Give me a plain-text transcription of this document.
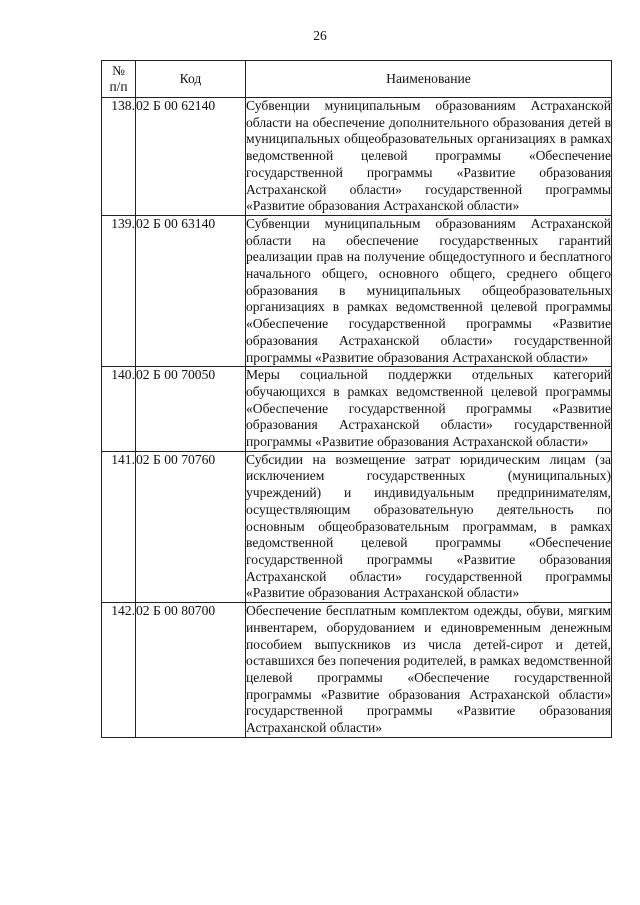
26
№
п/п	Код	Наименование
138.	02 Б 00 62140	Субвенции муниципальным образованиям Астраханской области на обеспечение дополнительного образования детей в муниципальных общеобразовательных организациях в рамках ведомственной целевой программы «Обеспечение государственной программы «Развитие образования Астраханской области» государственной программы «Развитие образования Астраханской области»
139.	02 Б 00 63140	Субвенции муниципальным образованиям Астраханской области на обеспечение государственных гарантий реализации прав на получение общедоступного и бесплатного начального общего, основного общего, среднего общего образования в муниципальных общеобразовательных организациях в рамках ведомственной целевой программы «Обеспечение государственной программы «Развитие образования Астраханской области» государственной программы «Развитие образования Астраханской области»
140.	02 Б 00 70050	Меры социальной поддержки отдельных категорий обучающихся в рамках ведомственной целевой программы «Обеспечение государственной программы «Развитие образования Астраханской области» государственной программы «Развитие образования Астраханской области»
141.	02 Б 00 70760	Субсидии на возмещение затрат юридическим лицам (за исключением государственных (муниципальных) учреждений) и индивидуальным предпринимателям, осуществляющим образовательную деятельность по основным общеобразовательным программам, в рамках ведомственной целевой программы «Обеспечение государственной программы «Развитие образования Астраханской области» государственной программы «Развитие образования Астраханской области»
142.	02 Б 00 80700	Обеспечение бесплатным комплектом одежды, обуви, мягким инвентарем, оборудованием и единовременным денежным пособием выпускников из числа детей-сирот и детей, оставшихся без попечения родителей, в рамках ведомственной целевой программы «Обеспечение государственной программы «Развитие образования Астраханской области» государственной программы «Развитие образования Астраханской области»
